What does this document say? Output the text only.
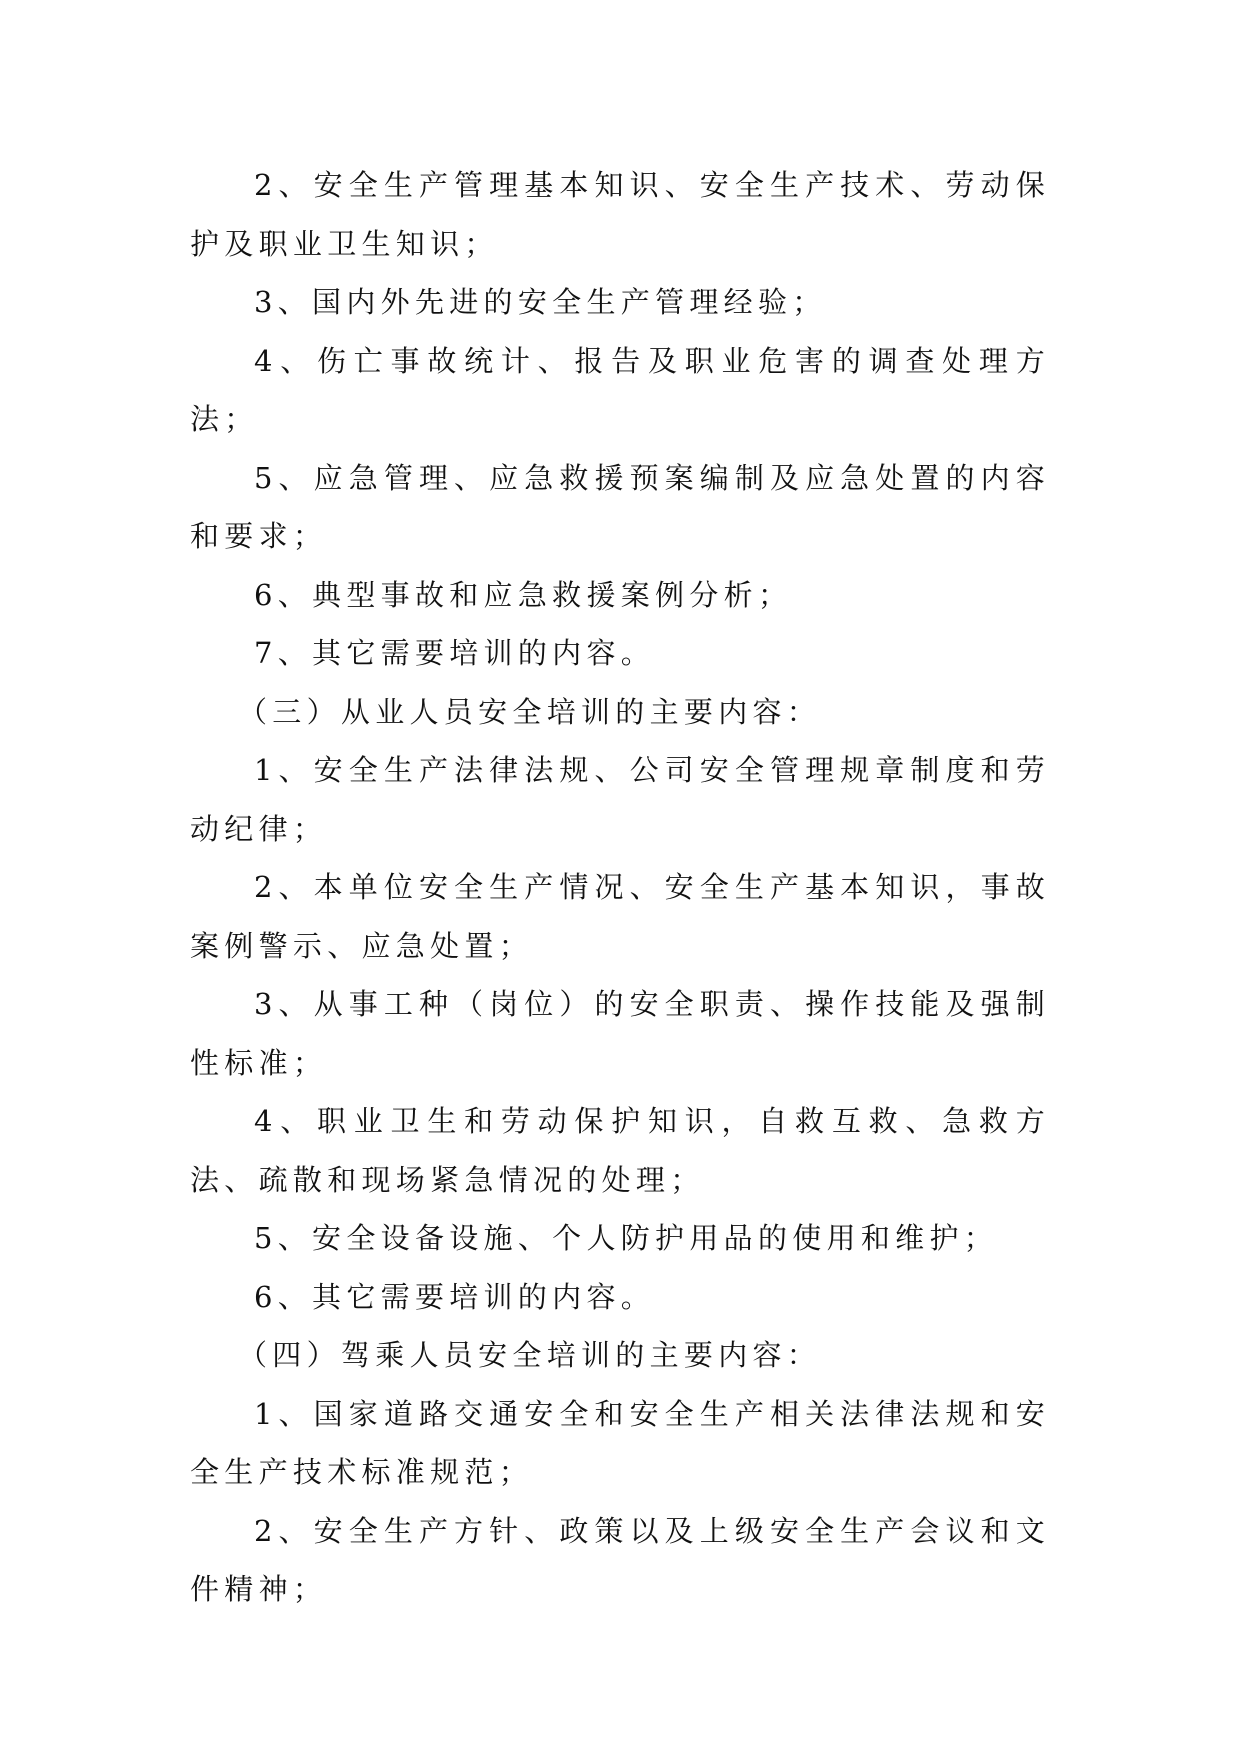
2、安全生产管理基本知识、安全生产技术、劳动保护及职业卫生知识；

3、国内外先进的安全生产管理经验；

4、伤亡事故统计、报告及职业危害的调查处理方法；

5、应急管理、应急救援预案编制及应急处置的内容和要求；

6、典型事故和应急救援案例分析；

7、其它需要培训的内容。

（三）从业人员安全培训的主要内容：

1、安全生产法律法规、公司安全管理规章制度和劳动纪律；

2、本单位安全生产情况、安全生产基本知识，事故案例警示、应急处置；

3、从事工种（岗位）的安全职责、操作技能及强制性标准；

4、职业卫生和劳动保护知识，自救互救、急救方法、疏散和现场紧急情况的处理；

5、安全设备设施、个人防护用品的使用和维护；

6、其它需要培训的内容。

（四）驾乘人员安全培训的主要内容：

1、国家道路交通安全和安全生产相关法律法规和安全生产技术标准规范；

2、安全生产方针、政策以及上级安全生产会议和文件精神；
